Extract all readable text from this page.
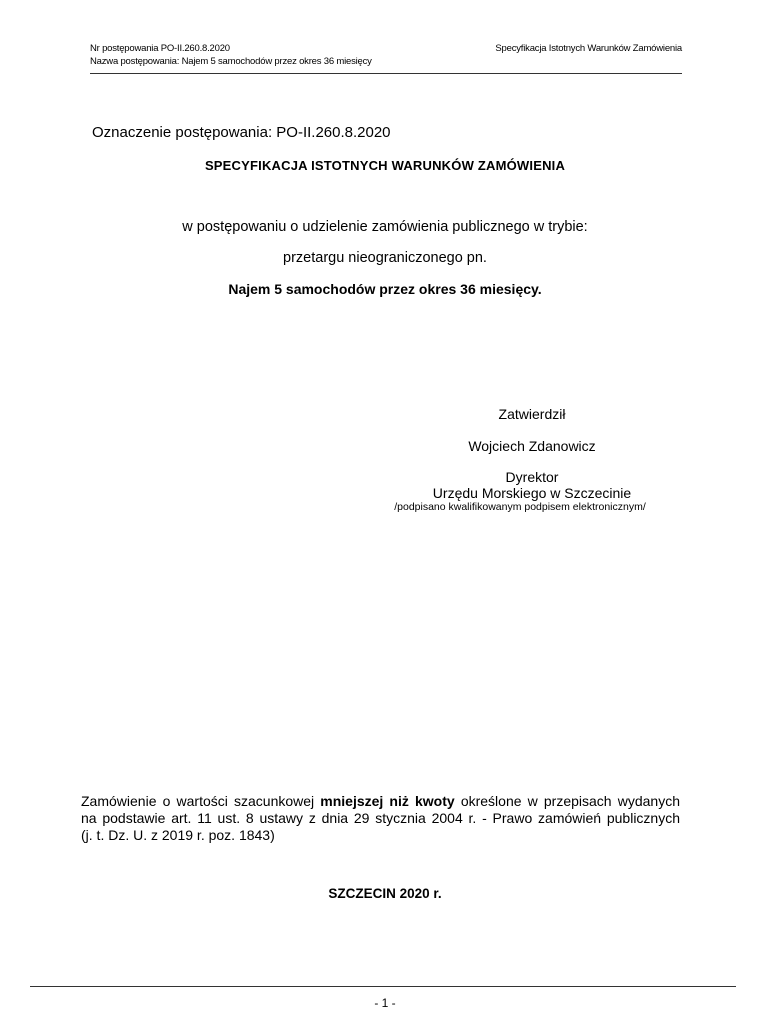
Nr postępowania PO-II.260.8.2020	Specyfikacja Istotnych Warunków Zamówienia
Nazwa postępowania: Najem 5 samochodów przez okres 36 miesięcy
Oznaczenie postępowania: PO-II.260.8.2020
SPECYFIKACJA ISTOTNYCH WARUNKÓW ZAMÓWIENIA
w postępowaniu o udzielenie zamówienia publicznego w trybie:
przetargu nieograniczonego pn.
Najem 5 samochodów przez okres 36 miesięcy.
Zatwierdził
Wojciech Zdanowicz
Dyrektor
Urzędu Morskiego w Szczecinie
/podpisano kwalifikowanym podpisem elektronicznym/
Zamówienie o wartości szacunkowej mniejszej niż kwoty określone w przepisach wydanych
na podstawie art. 11 ust. 8 ustawy z dnia 29 stycznia 2004 r. - Prawo zamówień publicznych
(j. t. Dz. U. z 2019 r. poz. 1843)
SZCZECIN 2020 r.
- 1 -
